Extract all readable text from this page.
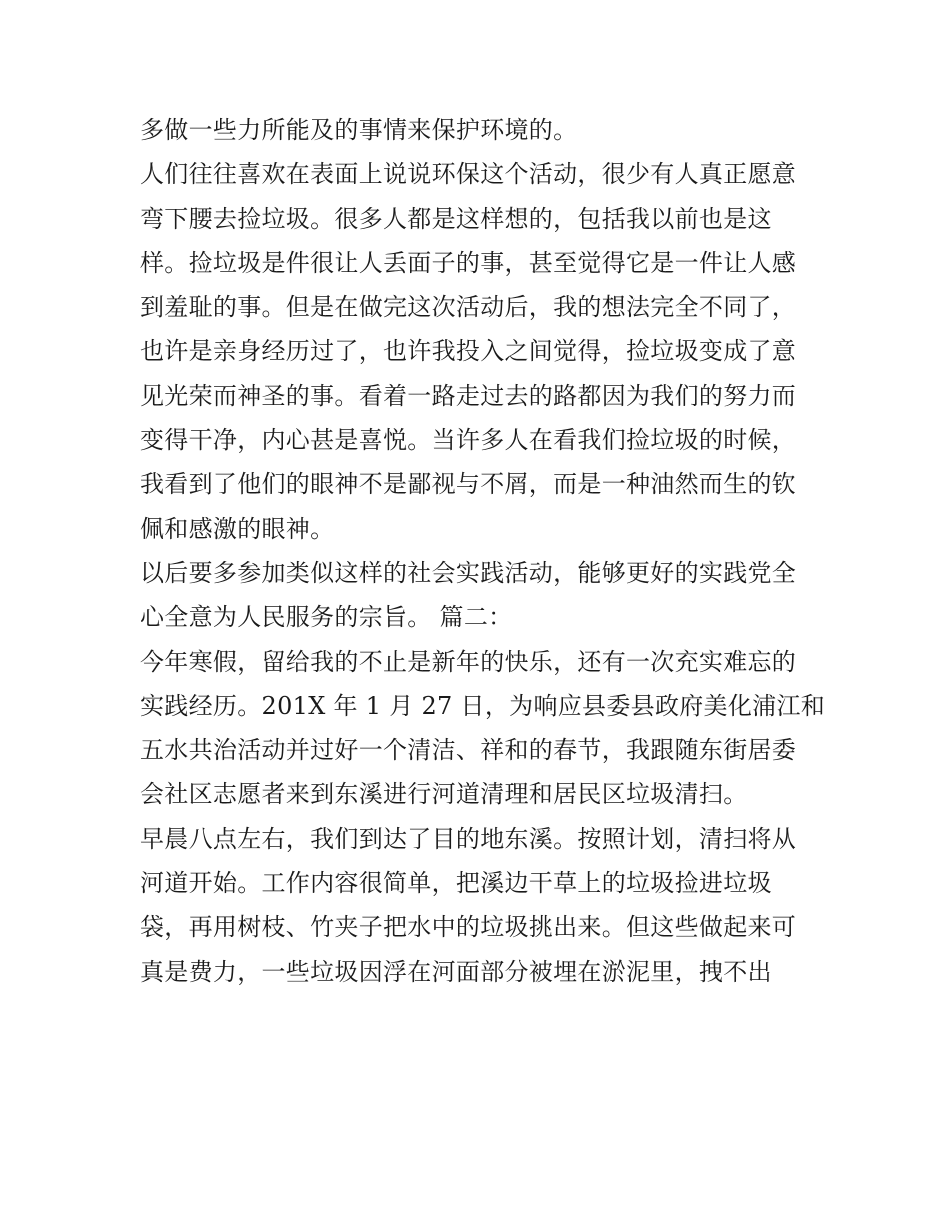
多做一些力所能及的事情来保护环境的。
人们往往喜欢在表面上说说环保这个活动，很少有人真正愿意
弯下腰去捡垃圾。很多人都是这样想的，包括我以前也是这
样。捡垃圾是件很让人丢面子的事，甚至觉得它是一件让人感
到羞耻的事。但是在做完这次活动后，我的想法完全不同了，
也许是亲身经历过了，也许我投入之间觉得，捡垃圾变成了意
见光荣而神圣的事。看着一路走过去的路都因为我们的努力而
变得干净，内心甚是喜悦。当许多人在看我们捡垃圾的时候，
我看到了他们的眼神不是鄙视与不屑，而是一种油然而生的钦
佩和感激的眼神。
以后要多参加类似这样的社会实践活动，能够更好的实践党全
心全意为人民服务的宗旨。 篇二：
今年寒假，留给我的不止是新年的快乐，还有一次充实难忘的
实践经历。201X 年 1 月 27 日，为响应县委县政府美化浦江和
五水共治活动并过好一个清洁、祥和的春节，我跟随东街居委
会社区志愿者来到东溪进行河道清理和居民区垃圾清扫。
早晨八点左右，我们到达了目的地东溪。按照计划，清扫将从
河道开始。工作内容很简单，把溪边干草上的垃圾捡进垃圾
袋，再用树枝、竹夹子把水中的垃圾挑出来。但这些做起来可
真是费力，一些垃圾因浮在河面部分被埋在淤泥里，拽不出
